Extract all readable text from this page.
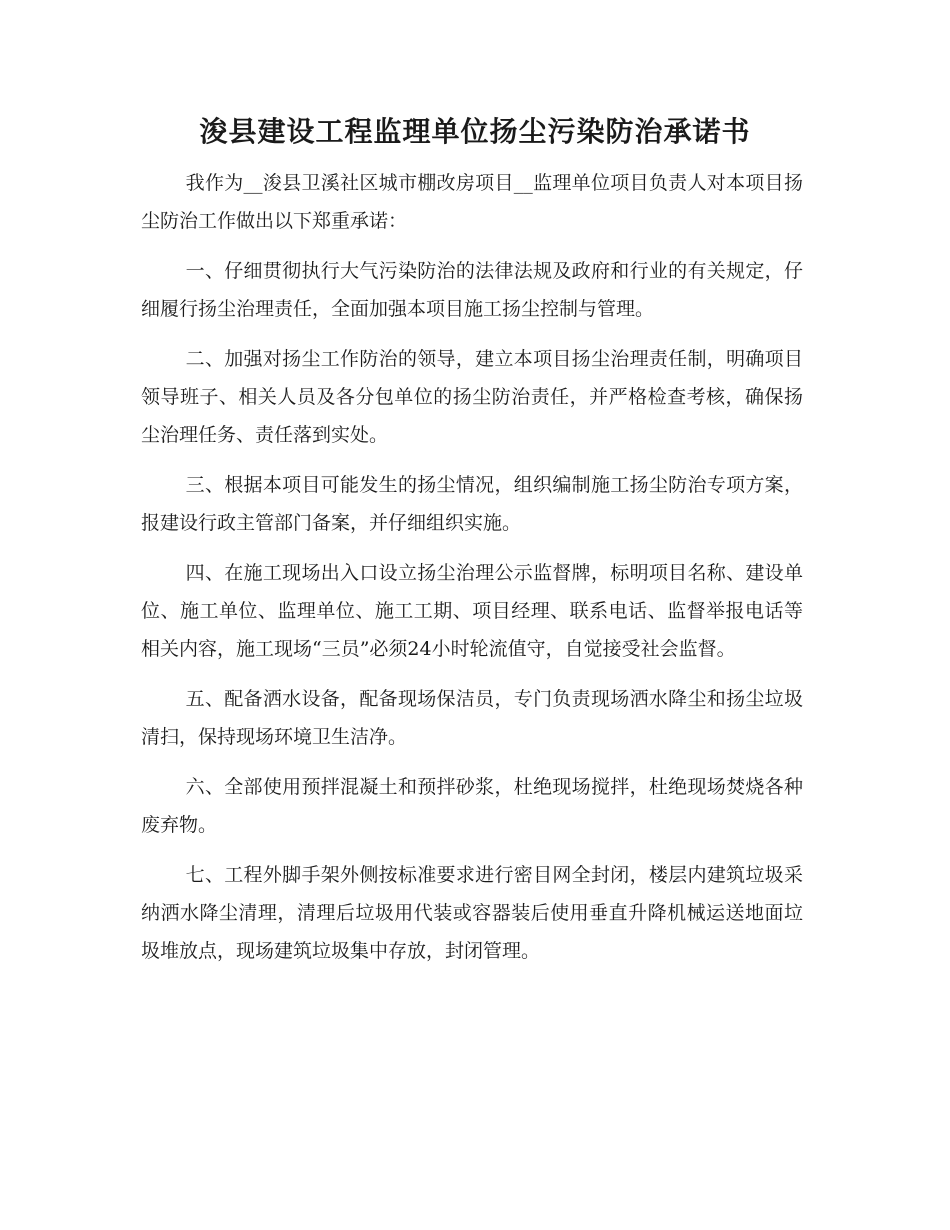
浚县建设工程监理单位扬尘污染防治承诺书

我作为__浚县卫溪社区城市棚改房项目__监理单位项目负责人对本项目扬尘防治工作做出以下郑重承诺：

一、仔细贯彻执行大气污染防治的法律法规及政府和行业的有关规定，仔细履行扬尘治理责任，全面加强本项目施工扬尘控制与管理。

二、加强对扬尘工作防治的领导，建立本项目扬尘治理责任制，明确项目领导班子、相关人员及各分包单位的扬尘防治责任，并严格检查考核，确保扬尘治理任务、责任落到实处。

三、根据本项目可能发生的扬尘情况，组织编制施工扬尘防治专项方案，报建设行政主管部门备案，并仔细组织实施。

四、在施工现场出入口设立扬尘治理公示监督牌，标明项目名称、建设单位、施工单位、监理单位、施工工期、项目经理、联系电话、监督举报电话等相关内容，施工现场“三员”必须24小时轮流值守，自觉接受社会监督。

五、配备洒水设备，配备现场保洁员，专门负责现场洒水降尘和扬尘垃圾清扫，保持现场环境卫生洁净。

六、全部使用预拌混凝土和预拌砂浆，杜绝现场搅拌，杜绝现场焚烧各种废弃物。

七、工程外脚手架外侧按标准要求进行密目网全封闭，楼层内建筑垃圾采纳洒水降尘清理，清理后垃圾用代装或容器装后使用垂直升降机械运送地面垃圾堆放点，现场建筑垃圾集中存放，封闭管理。
